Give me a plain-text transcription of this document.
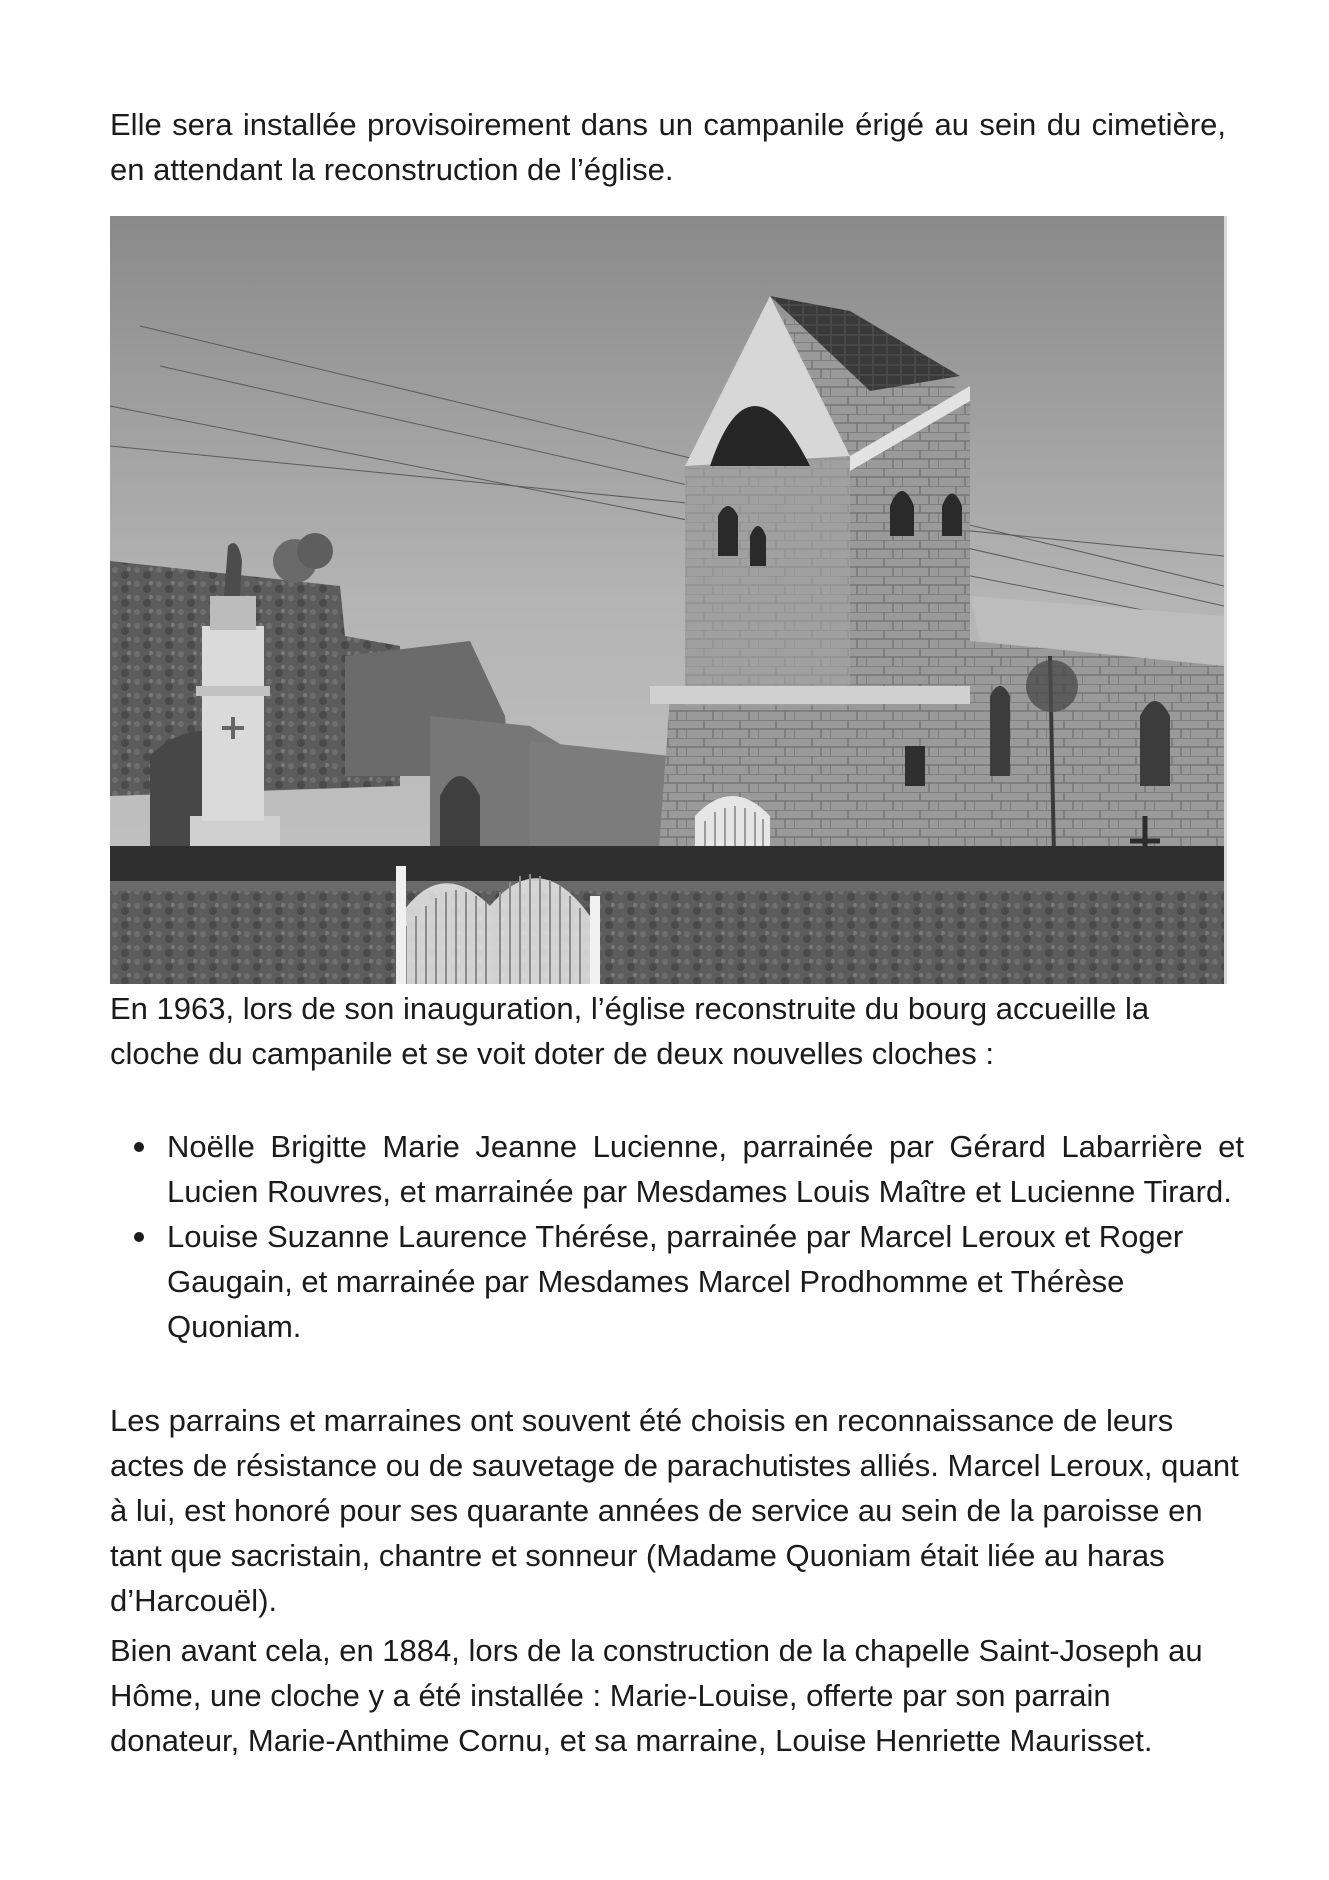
Elle sera installée provisoirement dans un campanile érigé au sein du cimetière, en attendant la reconstruction de l’église.

En 1963, lors de son inauguration, l’église reconstruite du bourg accueille la cloche du campanile et se voit doter de deux nouvelles cloches :

Noëlle Brigitte Marie Jeanne Lucienne, parrainée par Gérard Labarrière et Lucien Rouvres, et marrainée par Mesdames Louis Maître et Lucienne Tirard.
Louise Suzanne Laurence Thérése, parrainée par Marcel Leroux et Roger Gaugain, et marrainée par Mesdames Marcel Prodhomme et Thérèse Quoniam.

Les parrains et marraines ont souvent été choisis en reconnaissance de leurs actes de résistance ou de sauvetage de parachutistes alliés. Marcel Leroux, quant à lui, est honoré pour ses quarante années de service au sein de la paroisse en tant que sacristain, chantre et sonneur (Madame Quoniam était liée au haras d’Harcouël).

Bien avant cela, en 1884, lors de la construction de la chapelle Saint-Joseph au Hôme, une cloche y a été installée : Marie-Louise, offerte par son parrain donateur, Marie-Anthime Cornu, et sa marraine, Louise Henriette Maurisset.
